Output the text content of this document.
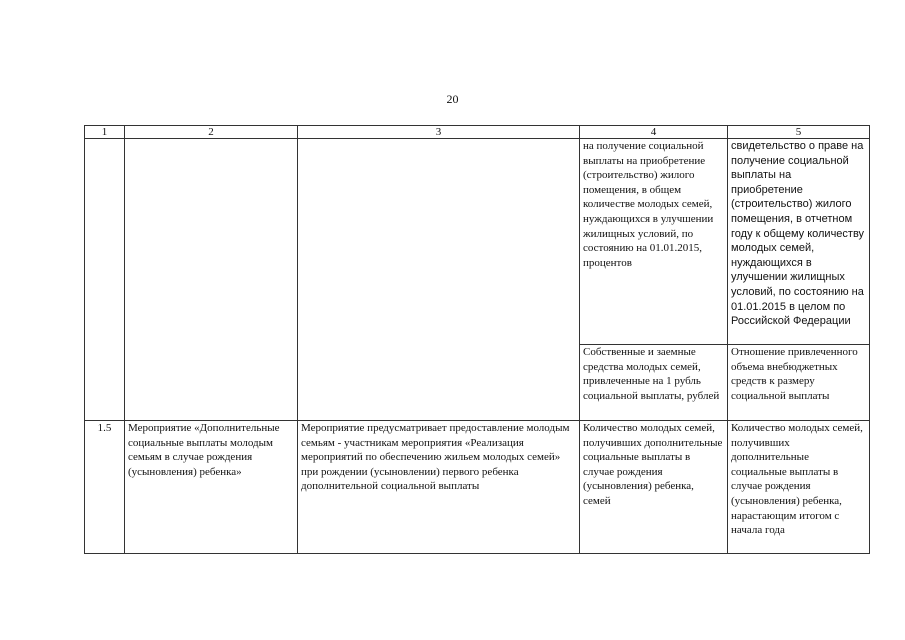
20
1	2	3	4	5
			на получение социальной выплаты на приобретение (строительство) жилого помещения, в общем количестве молодых семей, нуждающихся в улучшении жилищных условий, по состоянию на 01.01.2015, процентов	свидетельство о праве на получение социальной выплаты на приобретение (строительство) жилого помещения, в отчетном году к общему количеству молодых семей, нуждающихся в улучшении жилищных условий, по состоянию на 01.01.2015 в целом по Российской Федерации
			Собственные и заемные средства молодых семей, привлеченные на 1 рубль социальной выплаты, рублей	Отношение привлеченного объема внебюджетных средств к размеру социальной выплаты
1.5	Мероприятие «Дополнительные социальные выплаты молодым семьям в случае рождения (усыновления) ребенка»	Мероприятие предусматривает предоставление молодым семьям - участникам мероприятия «Реализация мероприятий по обеспечению жильем молодых семей» при рождении (усыновлении) первого ребенка дополнительной социальной выплаты	Количество молодых семей, получивших дополнительные социальные выплаты в случае рождения (усыновления) ребенка, семей	Количество молодых семей, получивших дополнительные социальные выплаты в случае рождения (усыновления) ребенка, нарастающим итогом с начала года
